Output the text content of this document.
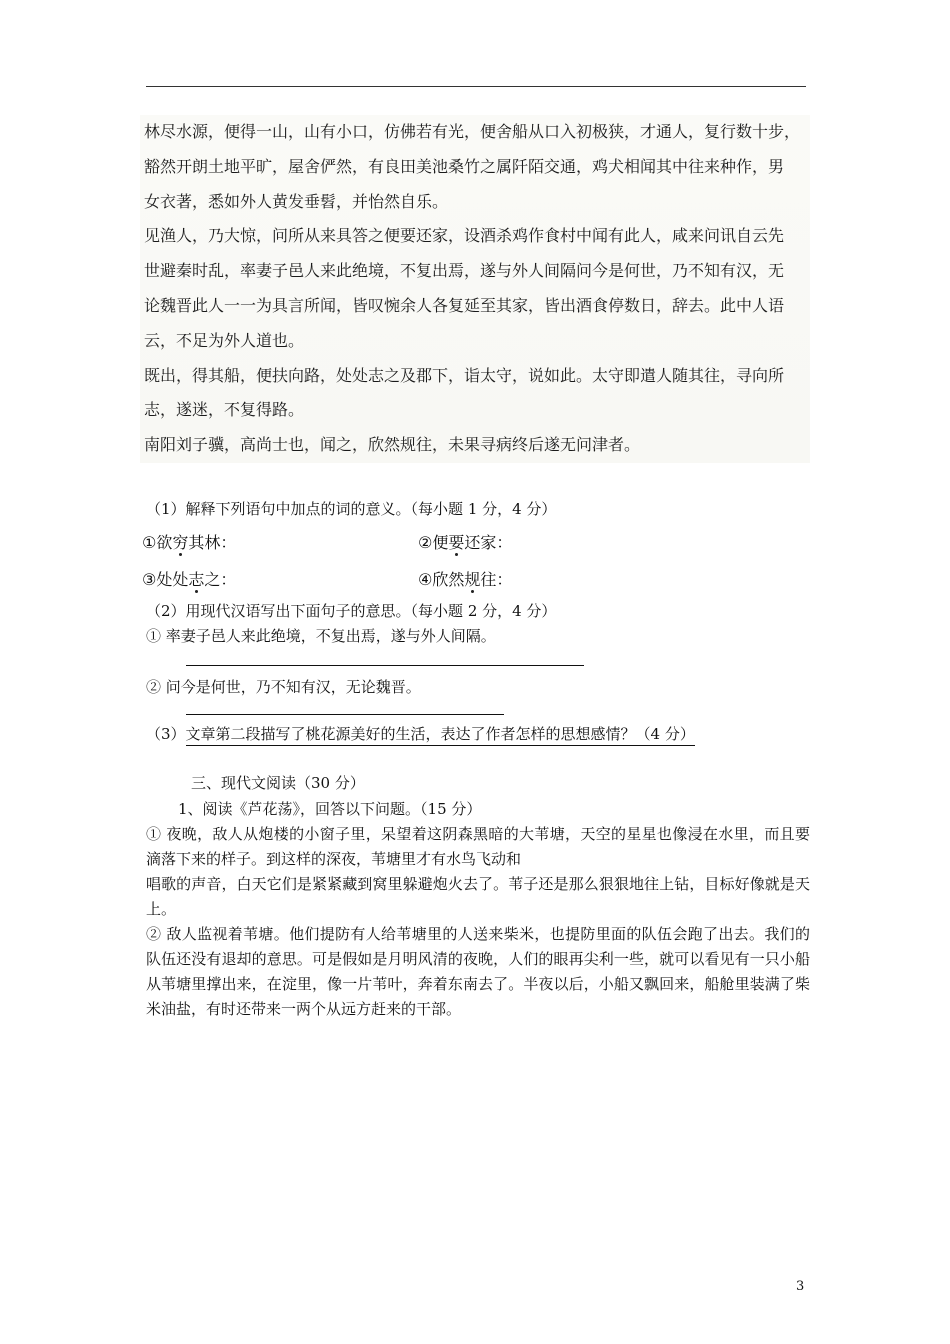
林尽水源，便得一山，山有小口，仿佛若有光，便舍船从口入初极狭，才通人，复行数十步，

豁然开朗土地平旷，屋舍俨然，有良田美池桑竹之属阡陌交通，鸡犬相闻其中往来种作，男

女衣著，悉如外人黄发垂髫，并怡然自乐。

见渔人，乃大惊，问所从来具答之便要还家，设酒杀鸡作食村中闻有此人，咸来问讯自云先

世避秦时乱，率妻子邑人来此绝境，不复出焉，遂与外人间隔问今是何世，乃不知有汉，无

论魏晋此人一一为具言所闻，皆叹惋余人各复延至其家，皆出酒食停数日，辞去。此中人语

云，不足为外人道也。

既出，得其船，便扶向路，处处志之及郡下，诣太守，说如此。太守即遣人随其往，寻向所

志，遂迷，不复得路。

南阳刘子骥，高尚士也，闻之，欣然规往，未果寻病终后遂无问津者。

（1）解释下列语句中加点的词的意义。（每小题 1 分，4 分）
①欲穷其林：	②便要还家：
③处处志之：	④欣然规往：
（2）用现代汉语写出下面句子的意思。（每小题 2 分，4 分）
① 率妻子邑人来此绝境，不复出焉，遂与外人间隔。
② 问今是何世，乃不知有汉，无论魏晋。
（3）文章第二段描写了桃花源美好的生活，表达了作者怎样的思想感情？（4 分）
三、现代文阅读（30 分）
1、阅读《芦花荡》，回答以下问题。（15 分）

① 夜晚，敌人从炮楼的小窗子里，呆望着这阴森黑暗的大苇塘，天空的星星也像浸在水里，而且要滴落下来的样子。到这样的深夜，苇塘里才有水鸟飞动和

唱歌的声音，白天它们是紧紧藏到窝里躲避炮火去了。苇子还是那么狠狠地往上钻，目标好像就是天上。

② 敌人监视着苇塘。他们提防有人给苇塘里的人送来柴米，也提防里面的队伍会跑了出去。我们的队伍还没有退却的意思。可是假如是月明风清的夜晚，人们的眼再尖利一些，就可以看见有一只小船从苇塘里撑出来，在淀里，像一片苇叶，奔着东南去了。半夜以后，小船又飘回来，船舱里装满了柴米油盐，有时还带来一两个从远方赶来的干部。

3
